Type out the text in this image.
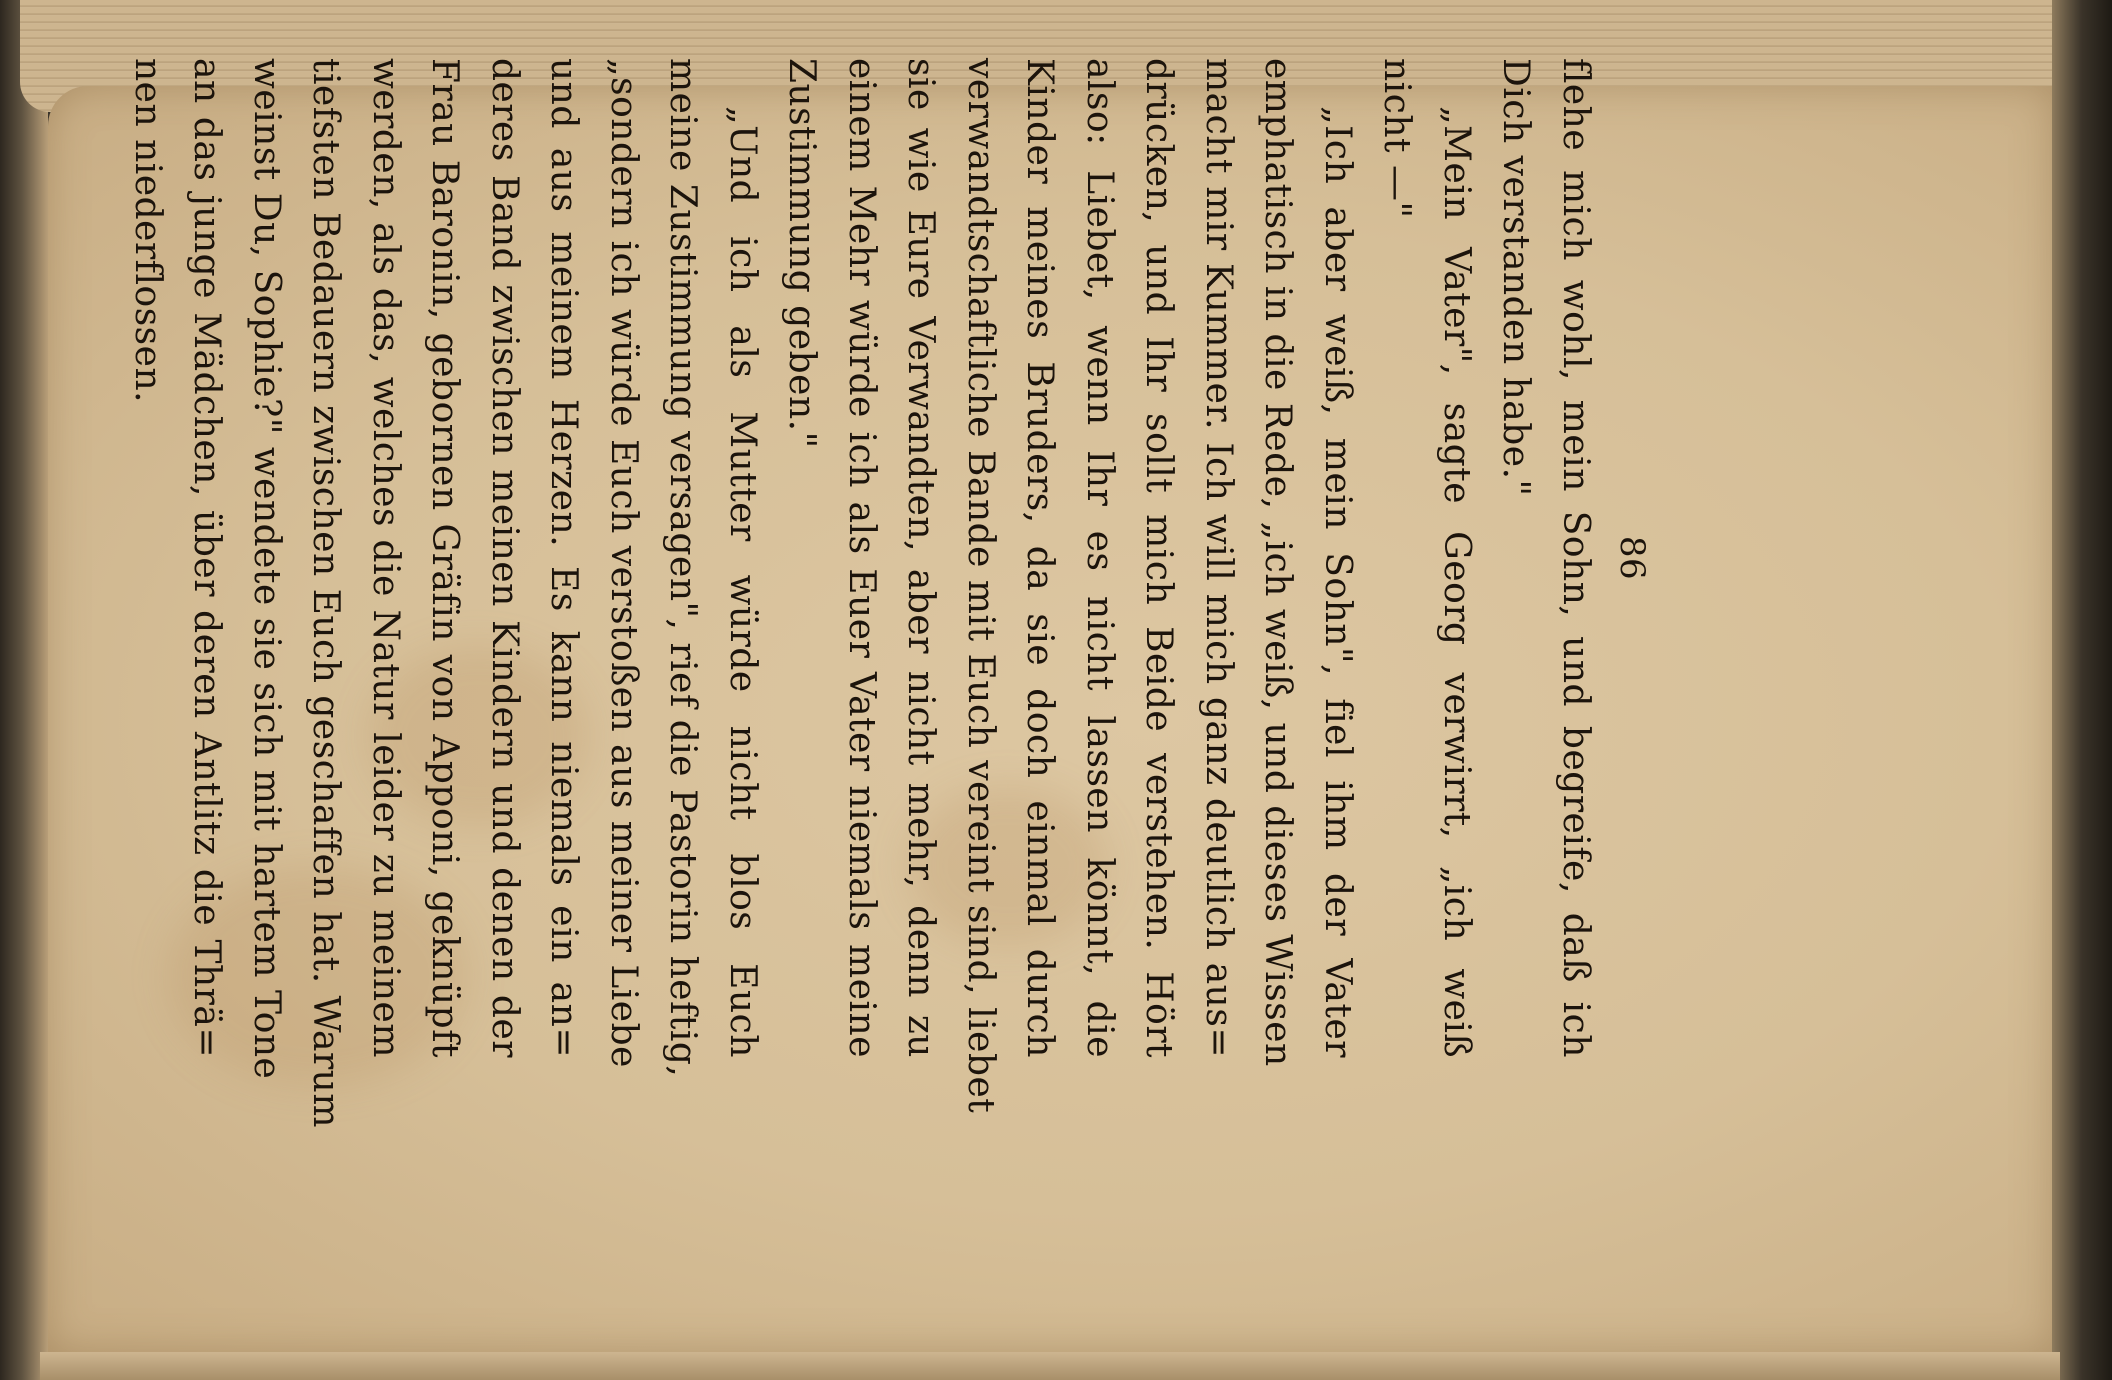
86
flehe mich wohl, mein Sohn, und begreife, daß ich
Dich verstanden habe."
„Mein Vater", sagte Georg verwirrt, „ich weiß
nicht —"
„Ich aber weiß, mein Sohn", fiel ihm der Vater
emphatisch in die Rede, „ich weiß, und dieses Wissen
macht mir Kummer. Ich will mich ganz deutlich aus=
drücken, und Ihr sollt mich Beide verstehen. Hört
also: Liebet, wenn Ihr es nicht lassen könnt, die
Kinder meines Bruders, da sie doch einmal durch
verwandtschaftliche Bande mit Euch vereint sind, liebet
sie wie Eure Verwandten, aber nicht mehr, denn zu
einem Mehr würde ich als Euer Vater niemals meine
Zustimmung geben."
„Und ich als Mutter würde nicht blos Euch
meine Zustimmung versagen", rief die Pastorin heftig,
„sondern ich würde Euch verstoßen aus meiner Liebe
und aus meinem Herzen. Es kann niemals ein an=
deres Band zwischen meinen Kindern und denen der
Frau Baronin, gebornen Gräfin von Apponi, geknüpft
werden, als das, welches die Natur leider zu meinem
tiefsten Bedauern zwischen Euch geschaffen hat. Warum
weinst Du, Sophie?" wendete sie sich mit hartem Tone
an das junge Mädchen, über deren Antlitz die Thrä=
nen niederflossen.
